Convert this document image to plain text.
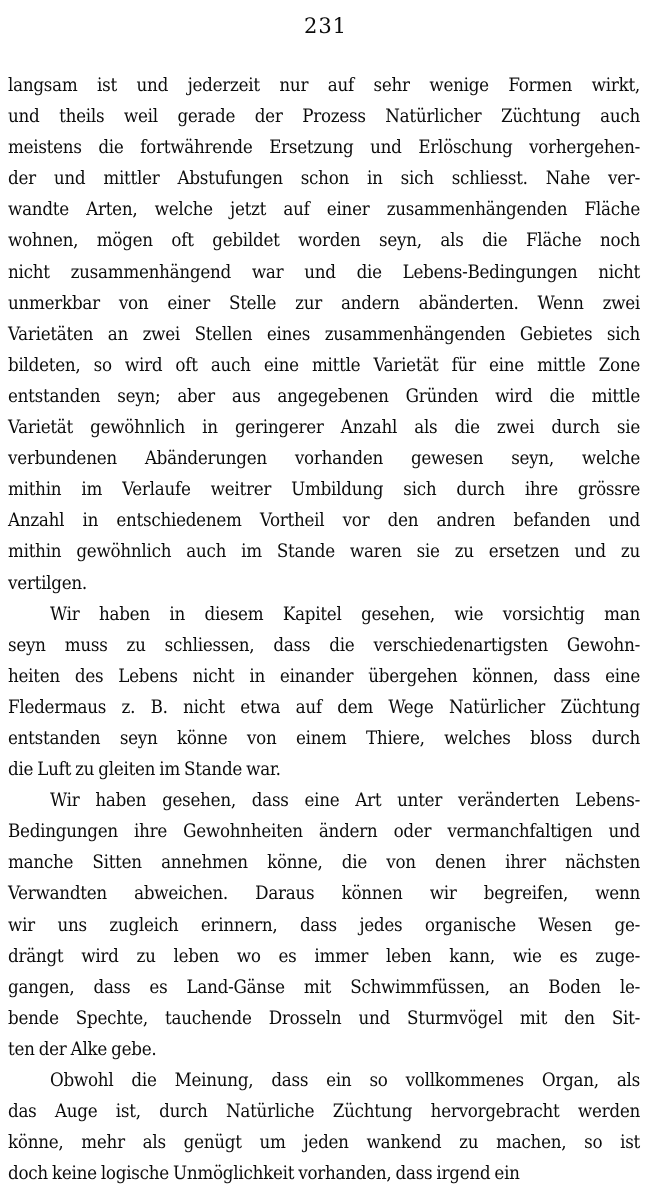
231
langsam ist und jederzeit nur auf sehr wenige Formen wirkt,
und theils weil gerade der Prozess Natürlicher Züchtung auch
meistens die fortwährende Ersetzung und Erlöschung vorhergehen-
der und mittler Abstufungen schon in sich schliesst. Nahe ver-
wandte Arten, welche jetzt auf einer zusammenhängenden Fläche
wohnen, mögen oft gebildet worden seyn, als die Fläche noch
nicht zusammenhängend war und die Lebens-Bedingungen nicht
unmerkbar von einer Stelle zur andern abänderten. Wenn zwei
Varietäten an zwei Stellen eines zusammenhängenden Gebietes sich
bildeten, so wird oft auch eine mittle Varietät für eine mittle Zone
entstanden seyn; aber aus angegebenen Gründen wird die mittle
Varietät gewöhnlich in geringerer Anzahl als die zwei durch sie
verbundenen Abänderungen vorhanden gewesen seyn, welche
mithin im Verlaufe weitrer Umbildung sich durch ihre grössre
Anzahl in entschiedenem Vortheil vor den andren befanden und
mithin gewöhnlich auch im Stande waren sie zu ersetzen und zu
vertilgen.
Wir haben in diesem Kapitel gesehen, wie vorsichtig man
seyn muss zu schliessen, dass die verschiedenartigsten Gewohn-
heiten des Lebens nicht in einander übergehen können, dass eine
Fledermaus z. B. nicht etwa auf dem Wege Natürlicher Züchtung
entstanden seyn könne von einem Thiere, welches bloss durch
die Luft zu gleiten im Stande war.
Wir haben gesehen, dass eine Art unter veränderten Lebens-
Bedingungen ihre Gewohnheiten ändern oder vermanchfaltigen und
manche Sitten annehmen könne, die von denen ihrer nächsten
Verwandten abweichen. Daraus können wir begreifen, wenn
wir uns zugleich erinnern, dass jedes organische Wesen ge-
drängt wird zu leben wo es immer leben kann, wie es zuge-
gangen, dass es Land-Gänse mit Schwimmfüssen, an Boden le-
bende Spechte, tauchende Drosseln und Sturmvögel mit den Sit-
ten der Alke gebe.
Obwohl die Meinung, dass ein so vollkommenes Organ, als
das Auge ist, durch Natürliche Züchtung hervorgebracht werden
könne, mehr als genügt um jeden wankend zu machen, so ist
doch keine logische Unmöglichkeit vorhanden, dass irgend ein
